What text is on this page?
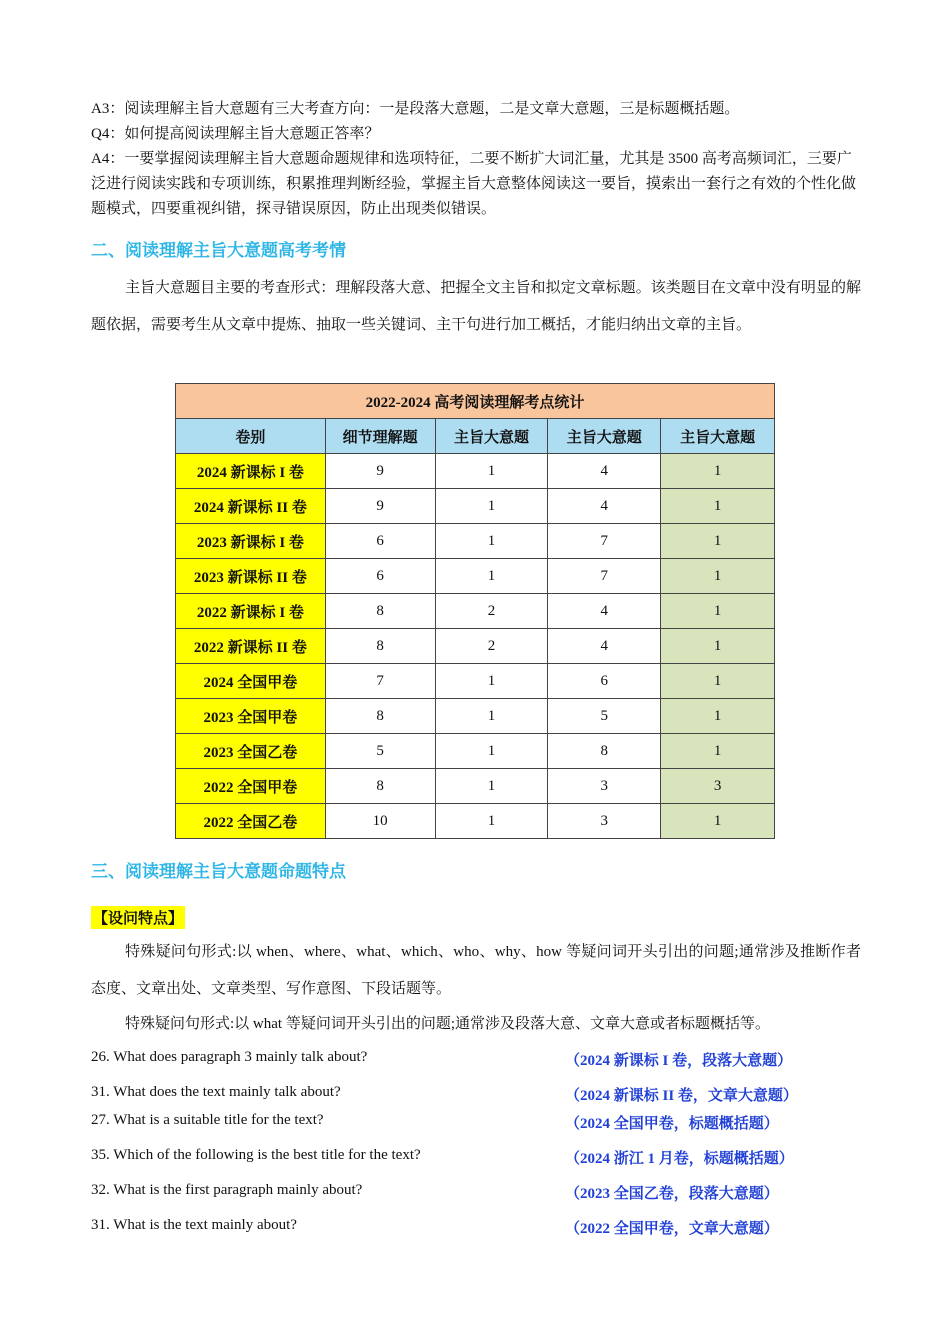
A3：阅读理解主旨大意题有三大考查方向：一是段落大意题，二是文章大意题，三是标题概括题。

Q4：如何提高阅读理解主旨大意题正答率？

A4：一要掌握阅读理解主旨大意题命题规律和选项特征，二要不断扩大词汇量，尤其是 3500 高考高频词汇，三要广泛进行阅读实践和专项训练，积累推理判断经验，掌握主旨大意整体阅读这一要旨，摸索出一套行之有效的个性化做题模式，四要重视纠错，探寻错误原因，防止出现类似错误。

二、阅读理解主旨大意题高考考情

主旨大意题目主要的考查形式：理解段落大意、把握全文主旨和拟定文章标题。该类题目在文章中没有明显的解题依据，需要考生从文章中提炼、抽取一些关键词、主干句进行加工概括，才能归纳出文章的主旨。

2022-2024 高考阅读理解考点统计				
卷别	细节理解题	主旨大意题	主旨大意题	主旨大意题
2024 新课标 I 卷	9	1	4	1
2024 新课标 II 卷	9	1	4	1
2023 新课标 I 卷	6	1	7	1
2023 新课标 II 卷	6	1	7	1
2022 新课标 I 卷	8	2	4	1
2022 新课标 II 卷	8	2	4	1
2024 全国甲卷	7	1	6	1
2023 全国甲卷	8	1	5	1
2023 全国乙卷	5	1	8	1
2022 全国甲卷	8	1	3	3
2022 全国乙卷	10	1	3	1
三、阅读理解主旨大意题命题特点
【设问特点】

特殊疑问句形式:以 when、where、what、which、who、why、how 等疑问词开头引出的问题;通常涉及推断作者态度、文章出处、文章类型、写作意图、下段话题等。

特殊疑问句形式:以 what 等疑问词开头引出的问题;通常涉及段落大意、文章大意或者标题概括等。

26. What does paragraph 3 mainly talk about?	（2024 新课标 I 卷，段落大意题）
31. What does the text mainly talk about?	（2024 新课标 II 卷，文章大意题）
27. What is a suitable title for the text?	（2024 全国甲卷，标题概括题）
35. Which of the following is the best title for the text?	（2024 浙江 1 月卷，标题概括题）
32. What is the first paragraph mainly about?	（2023 全国乙卷，段落大意题）
31. What is the text mainly about?	（2022 全国甲卷，文章大意题）
